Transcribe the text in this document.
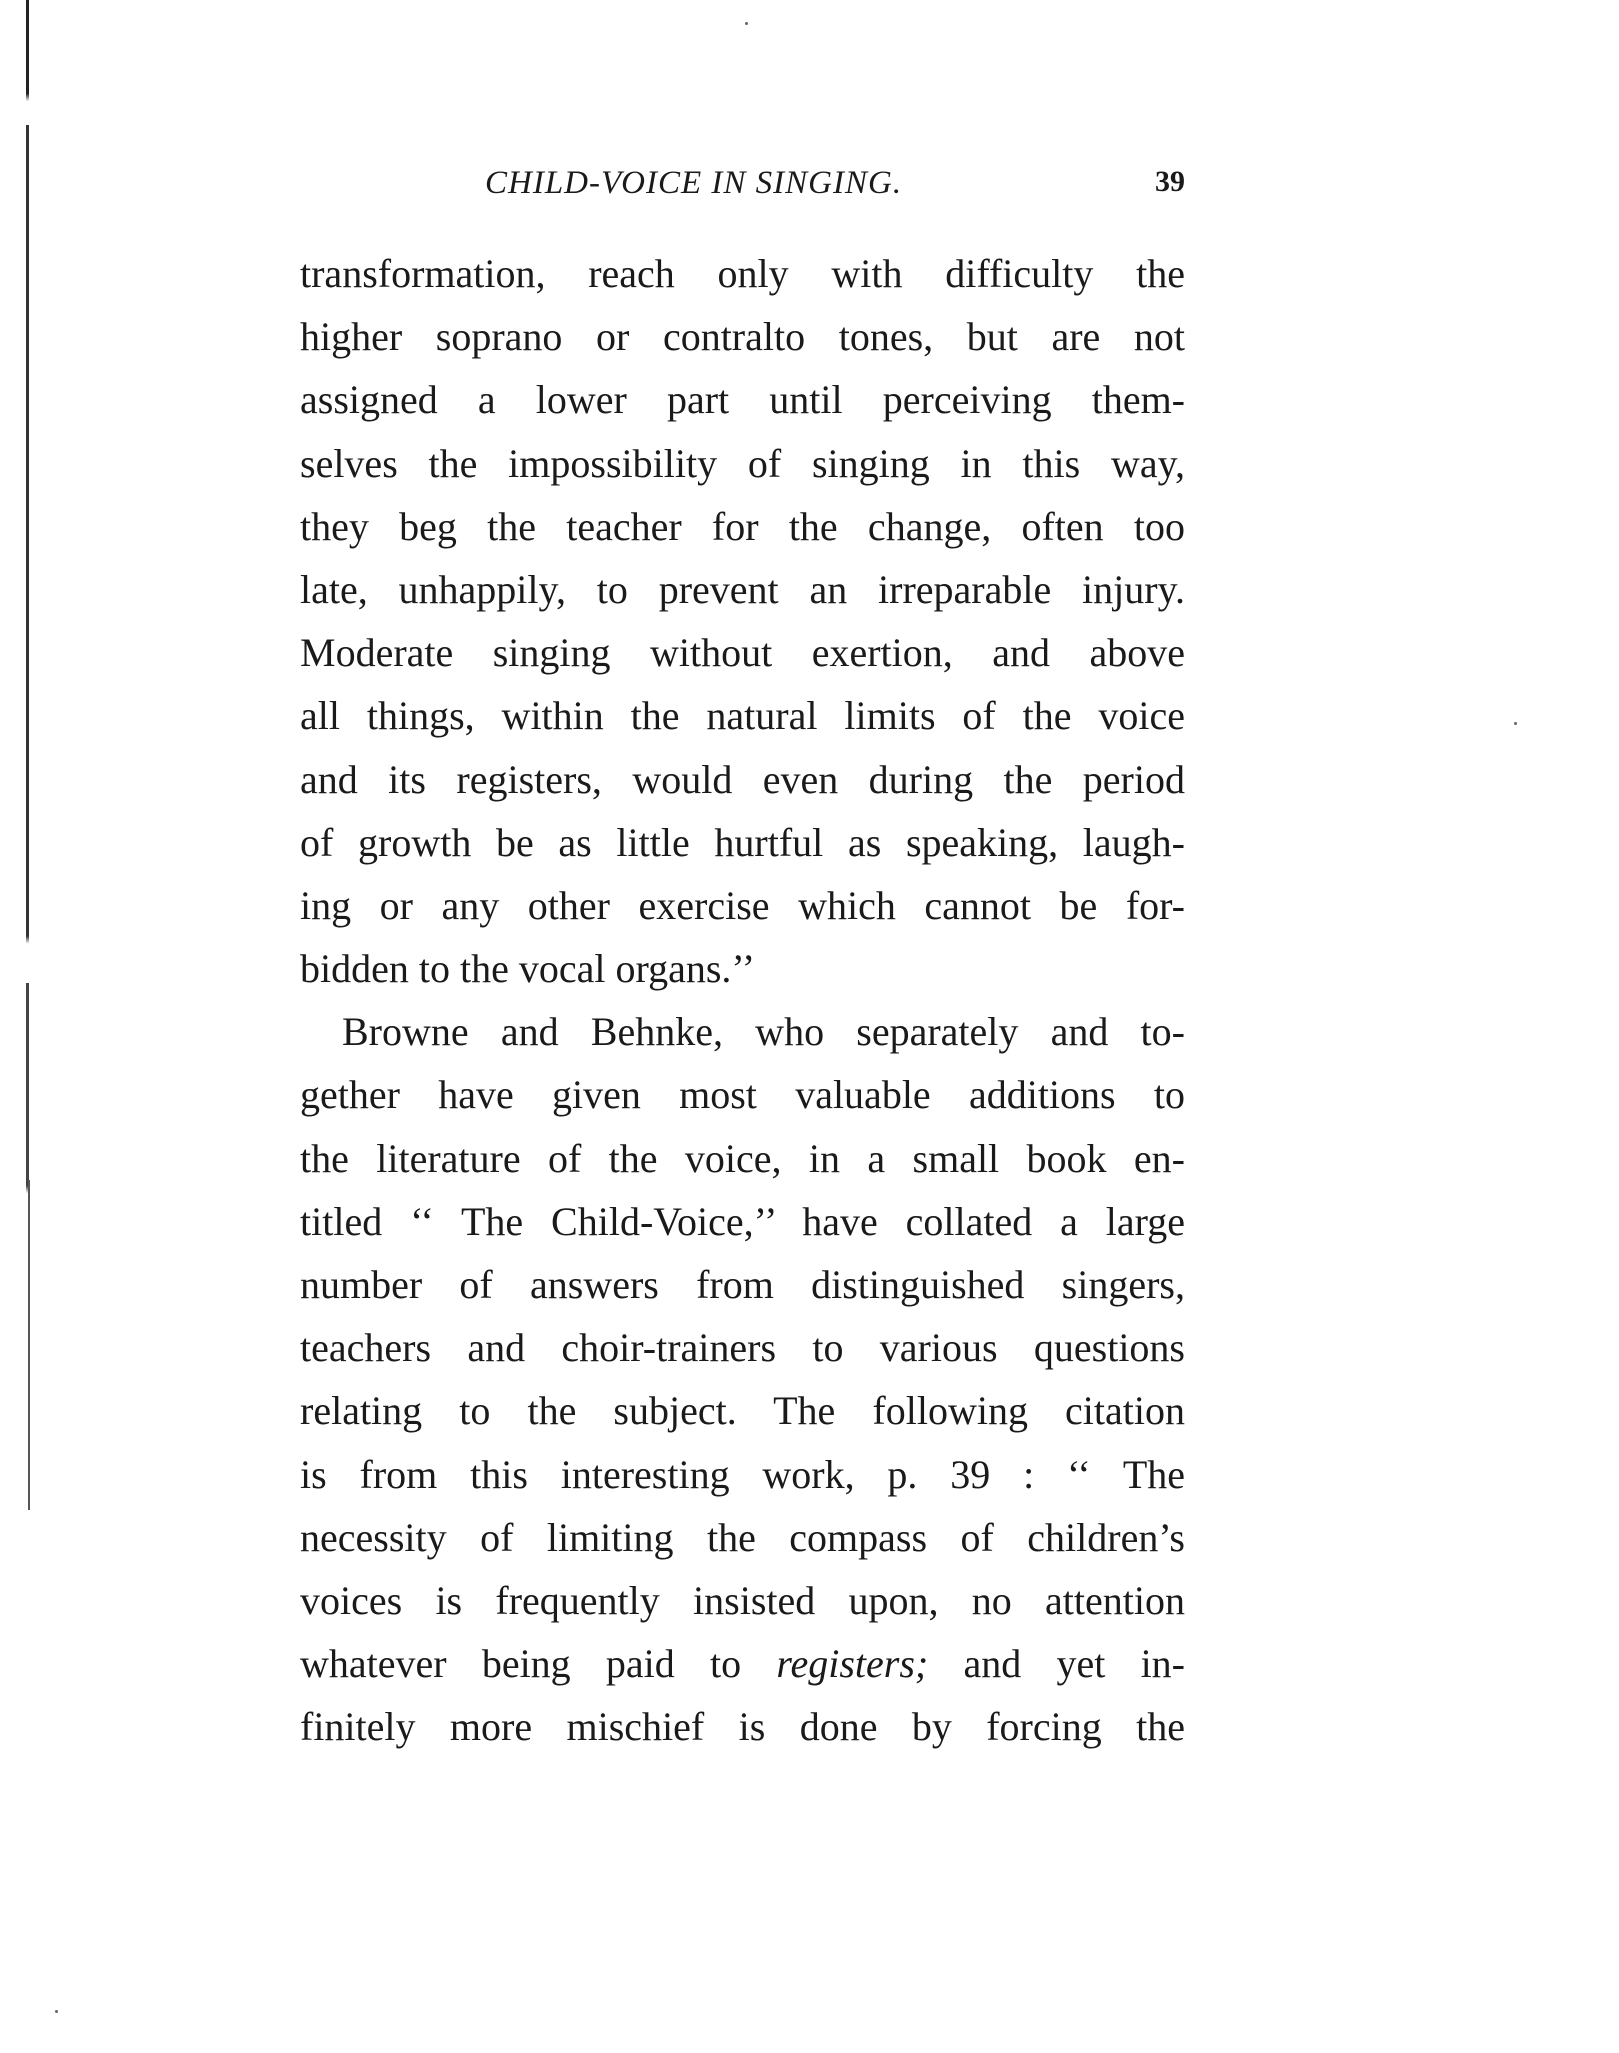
CHILD-VOICE IN SINGING.	39
transformation, reach only with difficulty the
higher soprano or contralto tones, but are not
assigned a lower part until perceiving them-
selves the impossibility of singing in this way,
they beg the teacher for the change, often too
late, unhappily, to prevent an irreparable injury.
Moderate singing without exertion, and above
all things, within the natural limits of the voice
and its registers, would even during the period
of growth be as little hurtful as speaking, laugh-
ing or any other exercise which cannot be for-
bidden to the vocal organs.’’
Browne and Behnke, who separately and to-
gether have given most valuable additions to
the literature of the voice, in a small book en-
titled ‘‘ The Child-Voice,’’ have collated a large
number of answers from distinguished singers,
teachers and choir-trainers to various questions
relating to the subject. The following citation
is from this interesting work, p. 39 : ‘‘ The
necessity of limiting the compass of children’s
voices is frequently insisted upon, no attention
whatever being paid to registers; and yet in-
finitely more mischief is done by forcing the
